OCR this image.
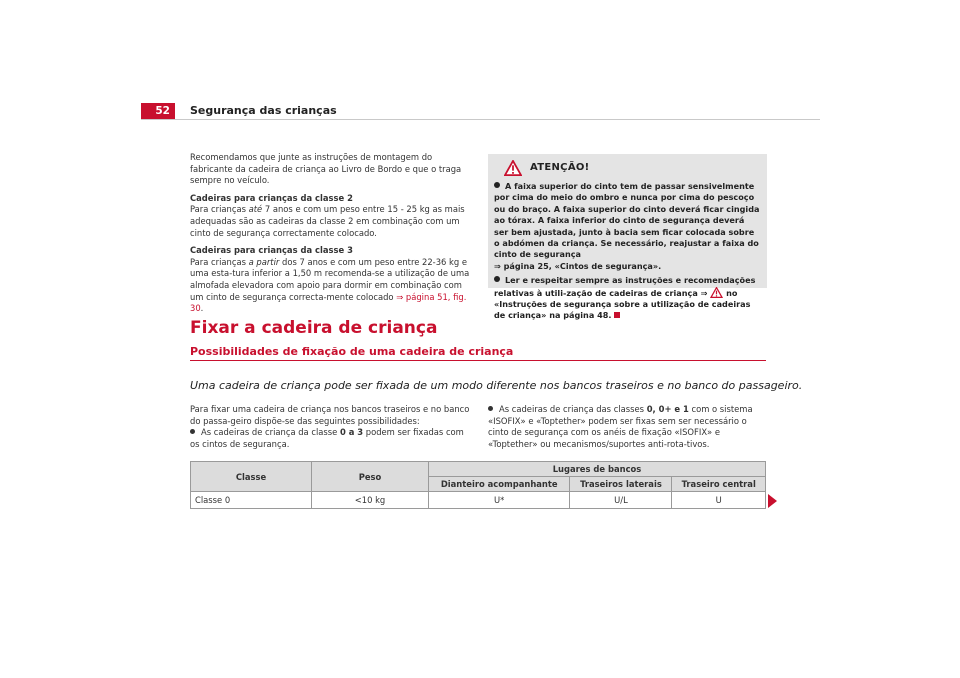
52	Segurança das crianças

Recomendamos que junte as instruções de montagem do fabricante da cadeira de criança ao Livro de Bordo e que o traga sempre no veículo.

Cadeiras para crianças da classe 2

Para crianças até 7 anos e com um peso entre 15 - 25 kg as mais adequadas são as cadeiras da classe 2 em combinação com um cinto de segurança correctamente colocado.

Cadeiras para crianças da classe 3

Para crianças a partir dos 7 anos e com um peso entre 22-36 kg e uma esta-tura inferior a 1,50 m recomenda-se a utilização de uma almofada elevadora com apoio para dormir em combinação com um cinto de segurança correcta-mente colocado ⇒ página 51, fig. 30.

ATENÇÃO!

A faixa superior do cinto tem de passar sensivelmente por cima do meio do ombro e nunca por cima do pescoço ou do braço. A faixa superior do cinto deverá ficar cingida ao tórax. A faixa inferior do cinto de segurança deverá ser bem ajustada, junto à bacia sem ficar colocada sobre o abdómen da criança. Se necessário, reajustar a faixa do cinto de segurança
⇒ página 25, «Cintos de segurança».

Ler e respeitar sempre as instruções e recomendações relativas à utili-zação de cadeiras de criança ⇒ no «Instruções de segurança sobre a utilização de cadeiras de criança» na página 48.

Fixar a cadeira de criança
Possibilidades de fixação de uma cadeira de criança
Uma cadeira de criança pode ser fixada de um modo diferente nos bancos traseiros e no banco do passageiro.

Para fixar uma cadeira de criança nos bancos traseiros e no banco do passa-geiro dispõe-se das seguintes possibilidades:

As cadeiras de criança da classe 0 a 3 podem ser fixadas com os cintos de segurança.

As cadeiras de criança das classes 0, 0+ e 1 com o sistema «ISOFIX» e «Toptether» podem ser fixas sem ser necessário o cinto de segurança com os anéis de fixação «ISOFIX» e «Toptether» ou mecanismos/suportes anti-rota-tivos.

Classe	Peso	Lugares de bancos		
		Dianteiro acompanhante	Traseiros laterais	Traseiro central
Classe 0	<10 kg	U*	U/L	U
